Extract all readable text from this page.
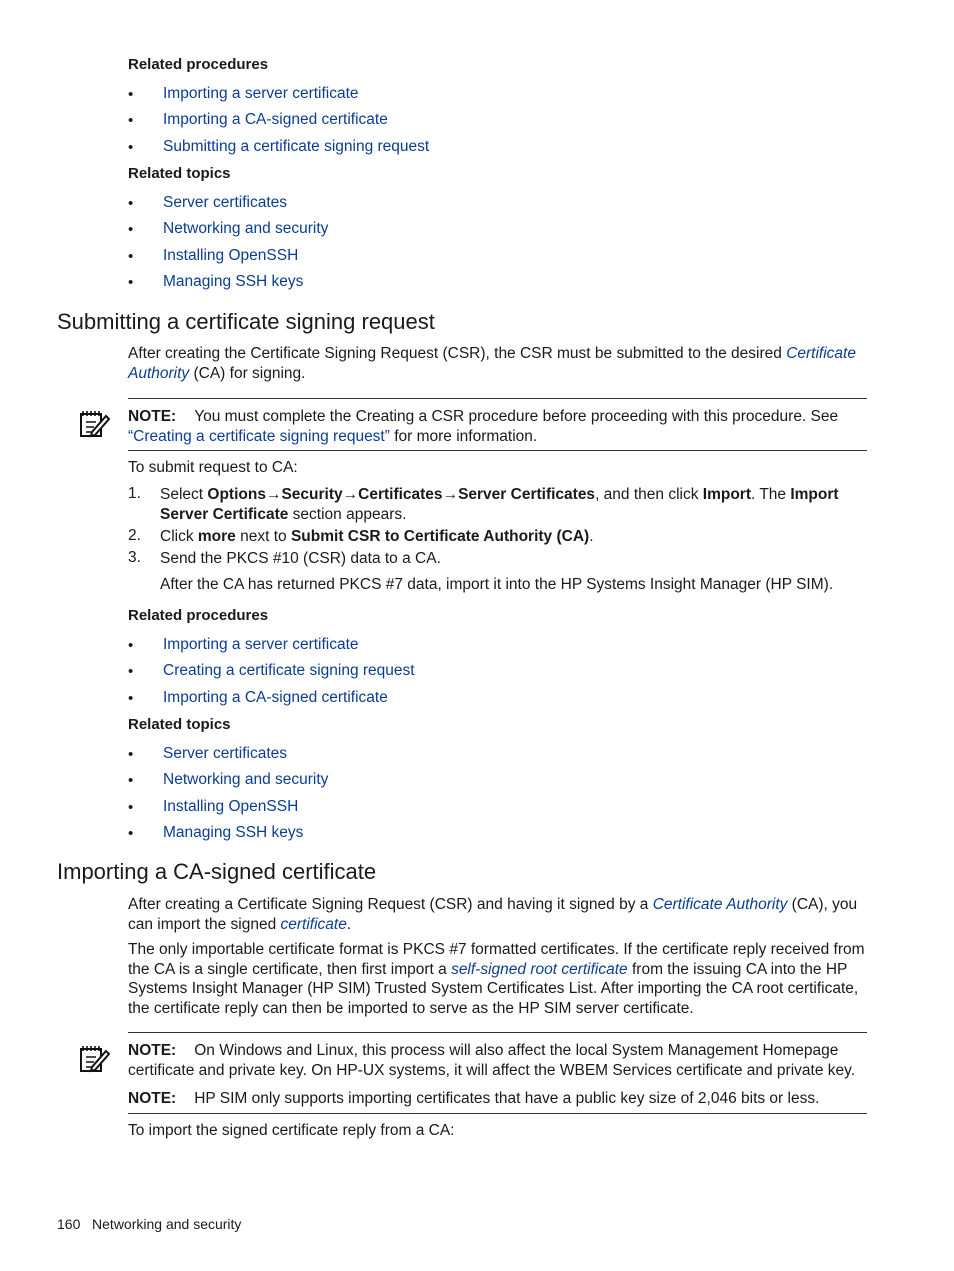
Related procedures
• Importing a server certificate
• Importing a CA-signed certificate
• Submitting a certificate signing request
Related topics
• Server certificates
• Networking and security
• Installing OpenSSH
• Managing SSH keys
Submitting a certificate signing request
After creating the Certificate Signing Request (CSR), the CSR must be submitted to the desired Certificate
Authority (CA) for signing.
NOTE: You must complete the Creating a CSR procedure before proceeding with this procedure. See
“Creating a certificate signing request” for more information.
To submit request to CA:
1. Select Options→Security→Certificates→Server Certificates, and then click Import. The Import
Server Certificate section appears.
2. Click more next to Submit CSR to Certificate Authority (CA).
3. Send the PKCS #10 (CSR) data to a CA.
After the CA has returned PKCS #7 data, import it into the HP Systems Insight Manager (HP SIM).
Related procedures
• Importing a server certificate
• Creating a certificate signing request
• Importing a CA-signed certificate
Related topics
• Server certificates
• Networking and security
• Installing OpenSSH
• Managing SSH keys
Importing a CA-signed certificate
After creating a Certificate Signing Request (CSR) and having it signed by a Certificate Authority (CA), you
can import the signed certificate.
The only importable certificate format is PKCS #7 formatted certificates. If the certificate reply received from
the CA is a single certificate, then first import a self-signed root certificate from the issuing CA into the HP
Systems Insight Manager (HP SIM) Trusted System Certificates List. After importing the CA root certificate,
the certificate reply can then be imported to serve as the HP SIM server certificate.
NOTE: On Windows and Linux, this process will also affect the local System Management Homepage
certificate and private key. On HP-UX systems, it will affect the WBEM Services certificate and private key.
NOTE: HP SIM only supports importing certificates that have a public key size of 2,046 bits or less.
To import the signed certificate reply from a CA:
160 Networking and security
